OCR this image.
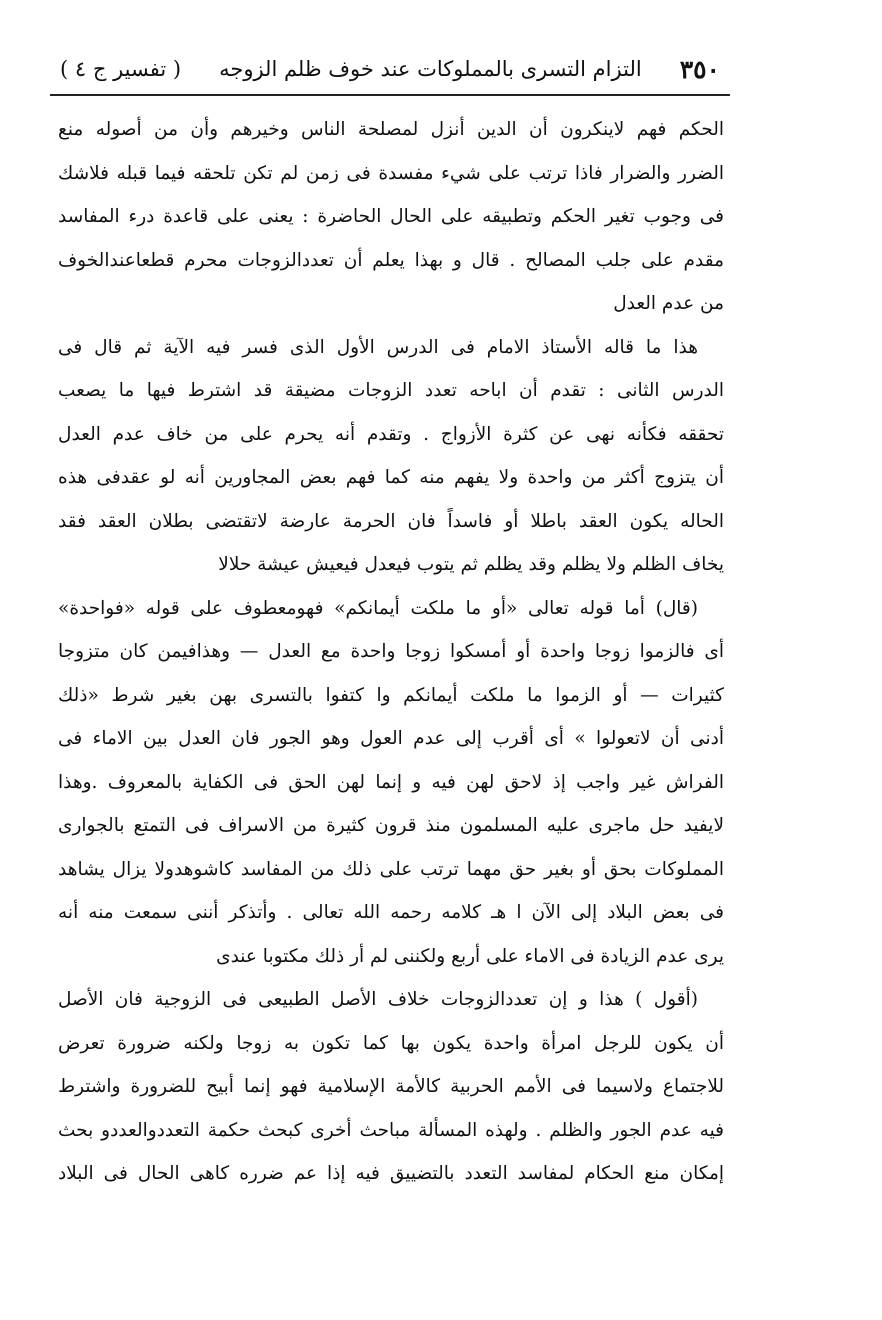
٣٥٠
التزام التسرى بالمملوكات عند خوف ظلم الزوجه
( تفسير ج ٤ )
الحكم فهم لاينكرون أن الدين أنزل لمصلحة الناس وخيرهم وأن من أصوله منع
الضرر والضرار فاذا ترتب على شيء مفسدة فى زمن لم تكن تلحقه فيما قبله فلاشك
فى وجوب تغير الحكم وتطبيقه على الحال الحاضرة : يعنى على قاعدة درء المفاسد
مقدم على جلب المصالح . قال و بهذا يعلم أن تعددالزوجات محرم قطعاعندالخوف
من عدم العدل
هذا ما قاله الأستاذ الامام فى الدرس الأول الذى فسر فيه الآية ثم قال فى
الدرس الثانى : تقدم أن اباحه تعدد الزوجات مضيقة قد اشترط فيها ما يصعب
تحققه فكأنه نهى عن كثرة الأزواج . وتقدم أنه يحرم على من خاف عدم العدل
أن يتزوج أكثر من واحدة ولا يفهم منه كما فهم بعض المجاورين أنه لو عقدفى هذه
الحاله يكون العقد باطلا أو فاسداً فان الحرمة عارضة لاتقتضى بطلان العقد فقد
يخاف الظلم ولا يظلم وقد يظلم ثم يتوب فيعدل فيعيش عيشة حلالا
(قال) أما قوله تعالى «أو ما ملكت أيمانكم» فهومعطوف على قوله «فواحدة»
أى فالزموا زوجا واحدة أو أمسكوا زوجا واحدة مع العدل — وهذافيمن كان متزوجا
كثيرات — أو الزموا ما ملكت أيمانكم وا كتفوا بالتسرى بهن بغير شرط «ذلك
أدنى أن لاتعولوا » أى أقرب إلى عدم العول وهو الجور فان العدل بين الاماء فى
الفراش غير واجب إذ لاحق لهن فيه و إنما لهن الحق فى الكفاية بالمعروف .وهذا
لايفيد حل ماجرى عليه المسلمون منذ قرون كثيرة من الاسراف فى التمتع بالجوارى
المملوكات بحق أو بغير حق مهما ترتب على ذلك من المفاسد كاشوهدولا يزال يشاهد
فى بعض البلاد إلى الآن ا هـ كلامه رحمه الله تعالى . وأتذكر أننى سمعت منه أنه
يرى عدم الزيادة فى الاماء على أربع ولكننى لم أر ذلك مكتوبا عندى
(أقول ) هذا و إن تعددالزوجات خلاف الأصل الطبيعى فى الزوجية فان الأصل
أن يكون للرجل امرأة واحدة يكون بها كما تكون به زوجا ولكنه ضرورة تعرض
للاجتماع ولاسيما فى الأمم الحربية كالأمة الإسلامية فهو إنما أبيح للضرورة واشترط
فيه عدم الجور والظلم . ولهذه المسألة مباحث أخرى كبحث حكمة التعددوالعددو بحث
إمكان منع الحكام لمفاسد التعدد بالتضييق فيه إذا عم ضرره كاهى الحال فى البلاد
